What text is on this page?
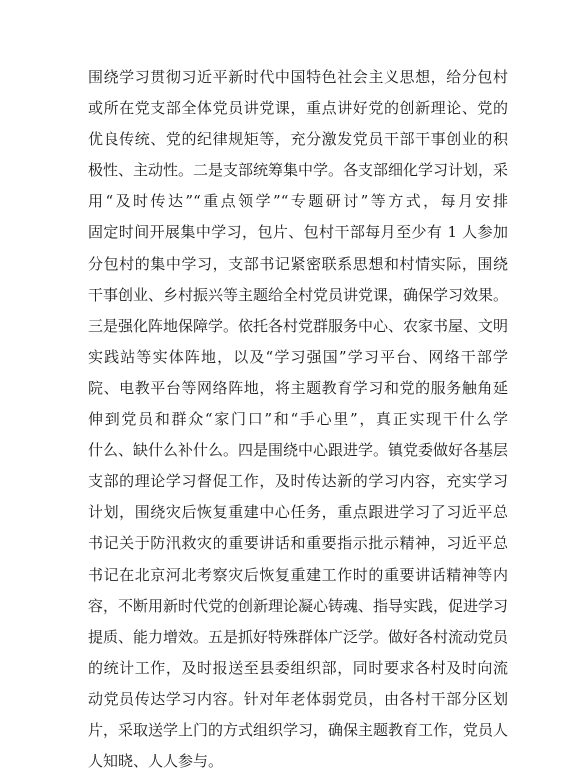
围绕学习贯彻习近平新时代中国特色社会主义思想，给分包村
或所在党支部全体党员讲党课，重点讲好党的创新理论、党的
优良传统、党的纪律规矩等，充分激发党员干部干事创业的积
极性、主动性。二是支部统筹集中学。各支部细化学习计划，采
用“及时传达”“重点领学”“专题研讨”等方式，每月安排
固定时间开展集中学习，包片、包村干部每月至少有 1 人参加
分包村的集中学习，支部书记紧密联系思想和村情实际，围绕
干事创业、乡村振兴等主题给全村党员讲党课，确保学习效果。
三是强化阵地保障学。依托各村党群服务中心、农家书屋、文明
实践站等实体阵地，以及“学习强国”学习平台、网络干部学
院、电教平台等网络阵地，将主题教育学习和党的服务触角延
伸到党员和群众“家门口”和“手心里”，真正实现干什么学
什么、缺什么补什么。四是围绕中心跟进学。镇党委做好各基层
支部的理论学习督促工作，及时传达新的学习内容，充实学习
计划，围绕灾后恢复重建中心任务，重点跟进学习了习近平总
书记关于防汛救灾的重要讲话和重要指示批示精神，习近平总
书记在北京河北考察灾后恢复重建工作时的重要讲话精神等内
容，不断用新时代党的创新理论凝心铸魂、指导实践，促进学习
提质、能力增效。五是抓好特殊群体广泛学。做好各村流动党员
的统计工作，及时报送至县委组织部，同时要求各村及时向流
动党员传达学习内容。针对年老体弱党员，由各村干部分区划
片，采取送学上门的方式组织学习，确保主题教育工作，党员人
人知晓、人人参与。
